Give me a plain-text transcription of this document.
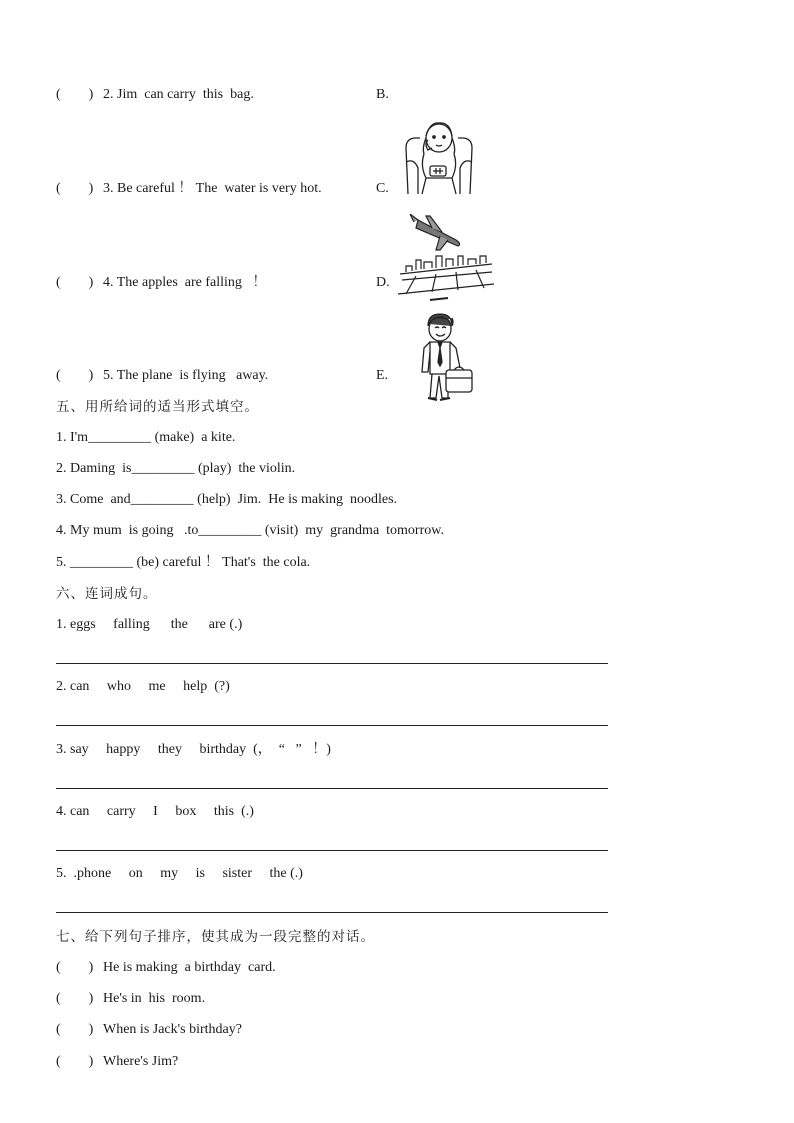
(        ) 2. Jim  can carry  this  bag.	B.
(        ) 3. Be careful ！ The  water is very hot.	C.
(        ) 4. The apples  are falling   ！	D.
(        ) 5. The plane  is flying   away.	E.
五、用所给词的适当形式填空。
1. I'm_________ (make)  a kite.
2. Daming  is_________ (play)  the violin.
3. Come  and_________ (help)  Jim.  He is making  noodles.
4. My mum  is going   .to_________ (visit)  my  grandma  tomorrow.
5. _________ (be) careful ！ That's  the cola.
六、连词成句。
1. eggs     falling      the      are (.)
2. can     who     me     help  (?)
3. say     happy     they     birthday  (，  “   ”   ！)
4. can     carry     I     box     this  (.)
5.  .phone     on     my     is     sister     the (.)
七、给下列句子排序，使其成为一段完整的对话。
(        ) He is making  a birthday  card.
(        ) He's in  his  room.
(        ) When is Jack's birthday?
(        ) Where's Jim?
